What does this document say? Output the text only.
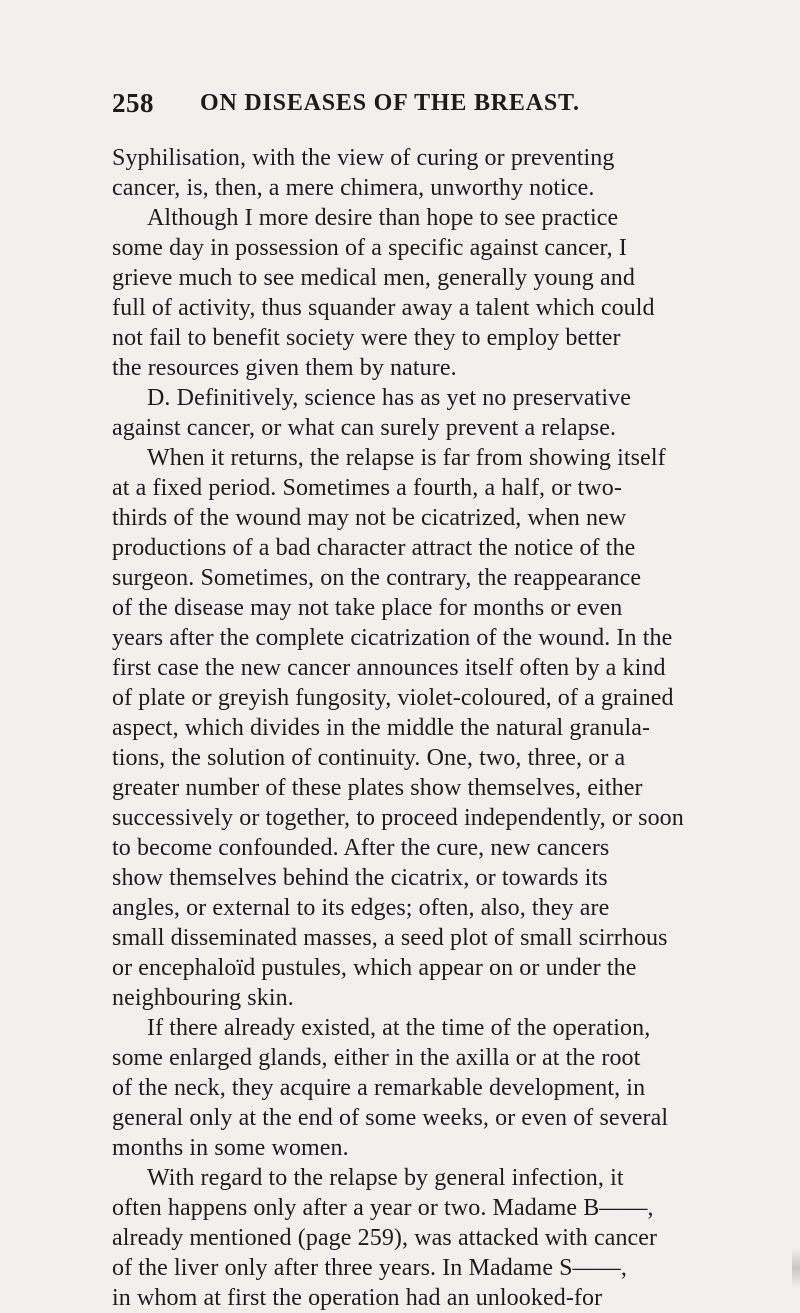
258 ON DISEASES OF THE BREAST.
Syphilisation, with the view of curing or preventing
cancer, is, then, a mere chimera, unworthy notice.
Although I more desire than hope to see practice
some day in possession of a specific against cancer, I
grieve much to see medical men, generally young and
full of activity, thus squander away a talent which could
not fail to benefit society were they to employ better
the resources given them by nature.
D. Definitively, science has as yet no preservative
against cancer, or what can surely prevent a relapse.
When it returns, the relapse is far from showing itself
at a fixed period. Sometimes a fourth, a half, or two-
thirds of the wound may not be cicatrized, when new
productions of a bad character attract the notice of the
surgeon. Sometimes, on the contrary, the reappearance
of the disease may not take place for months or even
years after the complete cicatrization of the wound. In the
first case the new cancer announces itself often by a kind
of plate or greyish fungosity, violet-coloured, of a grained
aspect, which divides in the middle the natural granula-
tions, the solution of continuity. One, two, three, or a
greater number of these plates show themselves, either
successively or together, to proceed independently, or soon
to become confounded. After the cure, new cancers
show themselves behind the cicatrix, or towards its
angles, or external to its edges; often, also, they are
small disseminated masses, a seed plot of small scirrhous
or encephaloïd pustules, which appear on or under the
neighbouring skin.
If there already existed, at the time of the operation,
some enlarged glands, either in the axilla or at the root
of the neck, they acquire a remarkable development, in
general only at the end of some weeks, or even of several
months in some women.
With regard to the relapse by general infection, it
often happens only after a year or two. Madame B——,
already mentioned (page 259), was attacked with cancer
of the liver only after three years. In Madame S——,
in whom at first the operation had an unlooked-for
